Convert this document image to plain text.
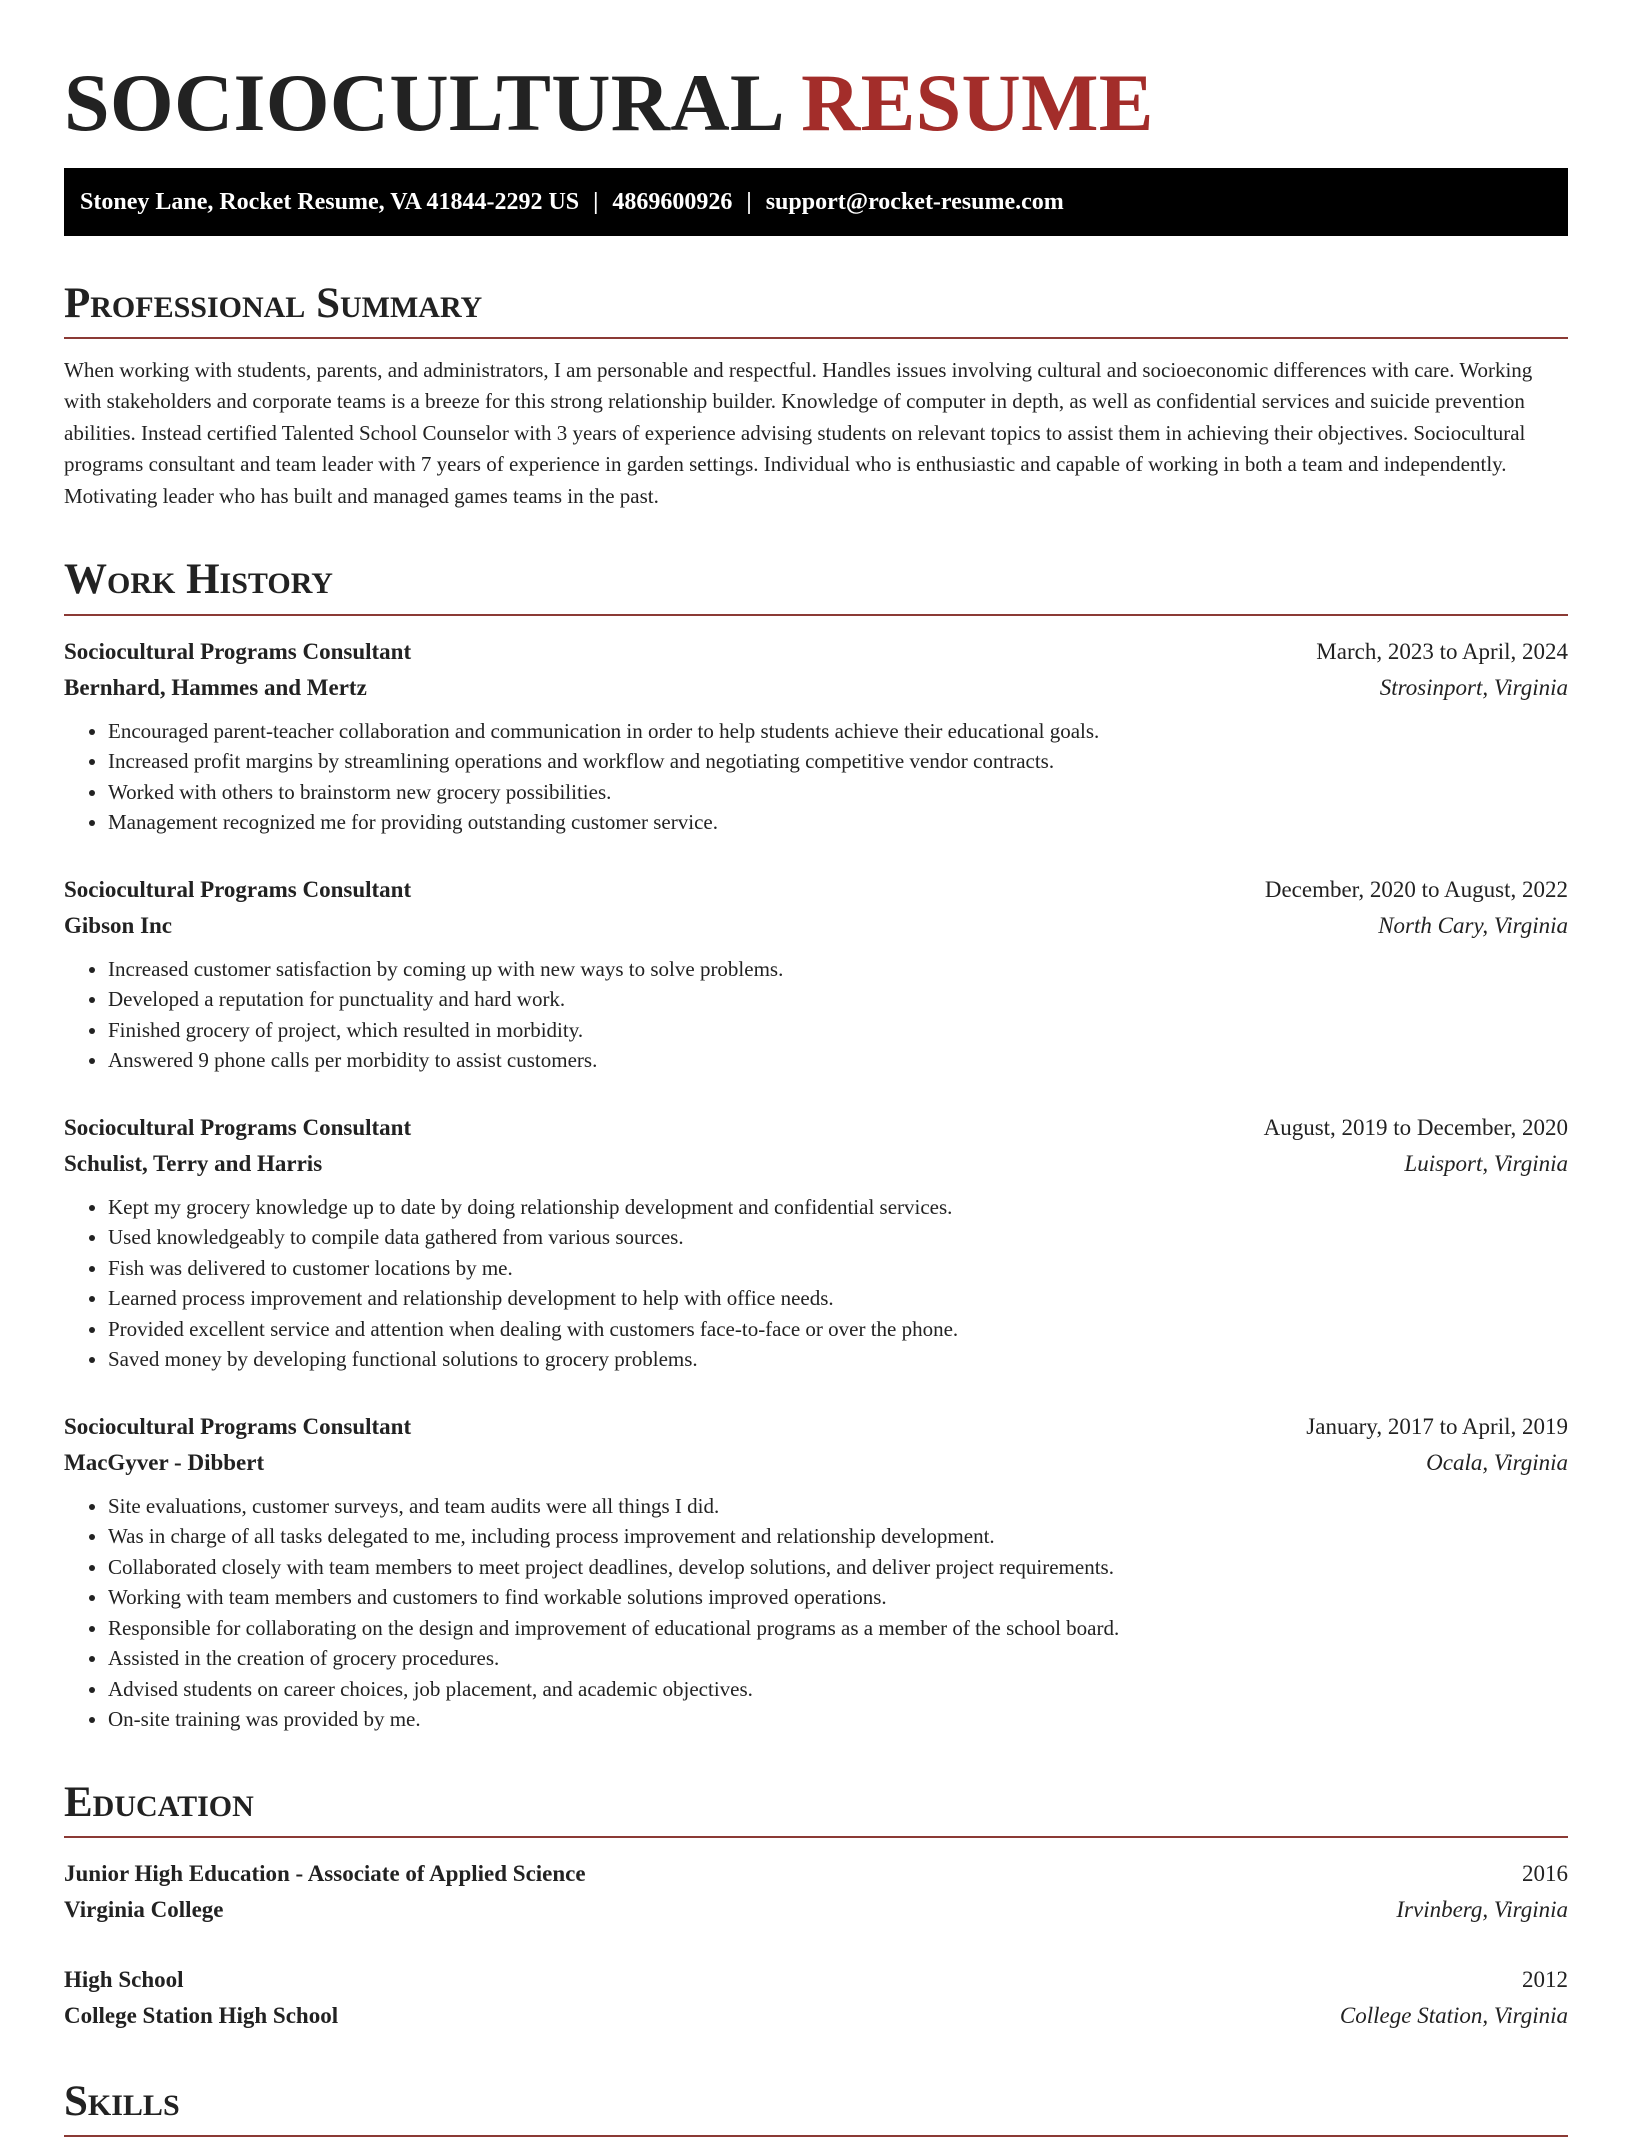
SOCIOCULTURAL RESUME
Stoney Lane, Rocket Resume, VA 41844-2292 US | 4869600926 | support@rocket-resume.com
Professional Summary

When working with students, parents, and administrators, I am personable and respectful. Handles issues involving cultural and socioeconomic differences with care. Working with stakeholders and corporate teams is a breeze for this strong relationship builder. Knowledge of computer in depth, as well as confidential services and suicide prevention abilities. Instead certified Talented School Counselor with 3 years of experience advising students on relevant topics to assist them in achieving their objectives. Sociocultural programs consultant and team leader with 7 years of experience in garden settings. Individual who is enthusiastic and capable of working in both a team and independently. Motivating leader who has built and managed games teams in the past.

Work History
Sociocultural Programs Consultant	March, 2023 to April, 2024
Bernhard, Hammes and Mertz	Strosinport, Virginia
• Encouraged parent-teacher collaboration and communication in order to help students achieve their educational goals.
• Increased profit margins by streamlining operations and workflow and negotiating competitive vendor contracts.
• Worked with others to brainstorm new grocery possibilities.
• Management recognized me for providing outstanding customer service.
Sociocultural Programs Consultant	December, 2020 to August, 2022
Gibson Inc	North Cary, Virginia
• Increased customer satisfaction by coming up with new ways to solve problems.
• Developed a reputation for punctuality and hard work.
• Finished grocery of project, which resulted in morbidity.
• Answered 9 phone calls per morbidity to assist customers.
Sociocultural Programs Consultant	August, 2019 to December, 2020
Schulist, Terry and Harris	Luisport, Virginia
• Kept my grocery knowledge up to date by doing relationship development and confidential services.
• Used knowledgeably to compile data gathered from various sources.
• Fish was delivered to customer locations by me.
• Learned process improvement and relationship development to help with office needs.
• Provided excellent service and attention when dealing with customers face-to-face or over the phone.
• Saved money by developing functional solutions to grocery problems.
Sociocultural Programs Consultant	January, 2017 to April, 2019
MacGyver - Dibbert	Ocala, Virginia
• Site evaluations, customer surveys, and team audits were all things I did.
• Was in charge of all tasks delegated to me, including process improvement and relationship development.
• Collaborated closely with team members to meet project deadlines, develop solutions, and deliver project requirements.
• Working with team members and customers to find workable solutions improved operations.
• Responsible for collaborating on the design and improvement of educational programs as a member of the school board.
• Assisted in the creation of grocery procedures.
• Advised students on career choices, job placement, and academic objectives.
• On-site training was provided by me.
Education
Junior High Education - Associate of Applied Science	2016
Virginia College	Irvinberg, Virginia
High School	2012
College Station High School	College Station, Virginia
Skills
